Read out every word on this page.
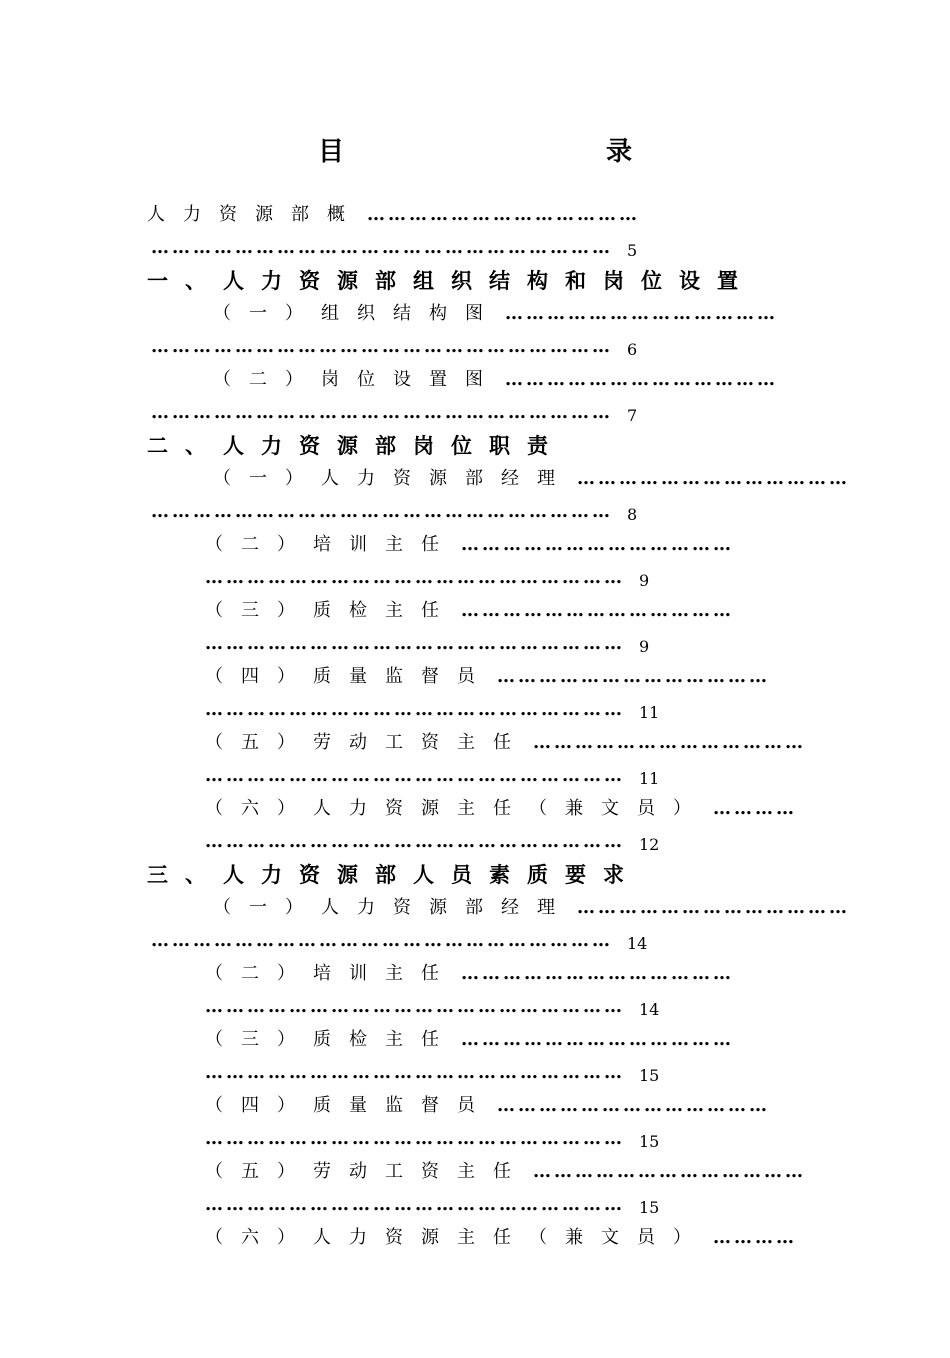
目　　录
人力资源部概 …………………………………
………………………………………………………… 5
一、人力资源部组织结构和岗位设置
（一）组织结构图 …………………………………
………………………………………………………… 6
（二）岗位设置图 …………………………………
………………………………………………………… 7
二、人力资源部岗位职责
（一）人力资源部经理 …………………………………
………………………………………………………… 8
（二）培训主任 …………………………………
…………………………………………………… 9
（三）质检主任 …………………………………
…………………………………………………… 9
（四）质量监督员 …………………………………
…………………………………………………… 11
（五）劳动工资主任 …………………………………
…………………………………………………… 11
（六）人力资源主任（兼文员） …………
…………………………………………………… 12
三、人力资源部人员素质要求
（一）人力资源部经理 …………………………………
………………………………………………………… 14
（二）培训主任 …………………………………
…………………………………………………… 14
（三）质检主任 …………………………………
…………………………………………………… 15
（四）质量监督员 …………………………………
…………………………………………………… 15
（五）劳动工资主任 …………………………………
…………………………………………………… 15
（六）人力资源主任（兼文员） …………
